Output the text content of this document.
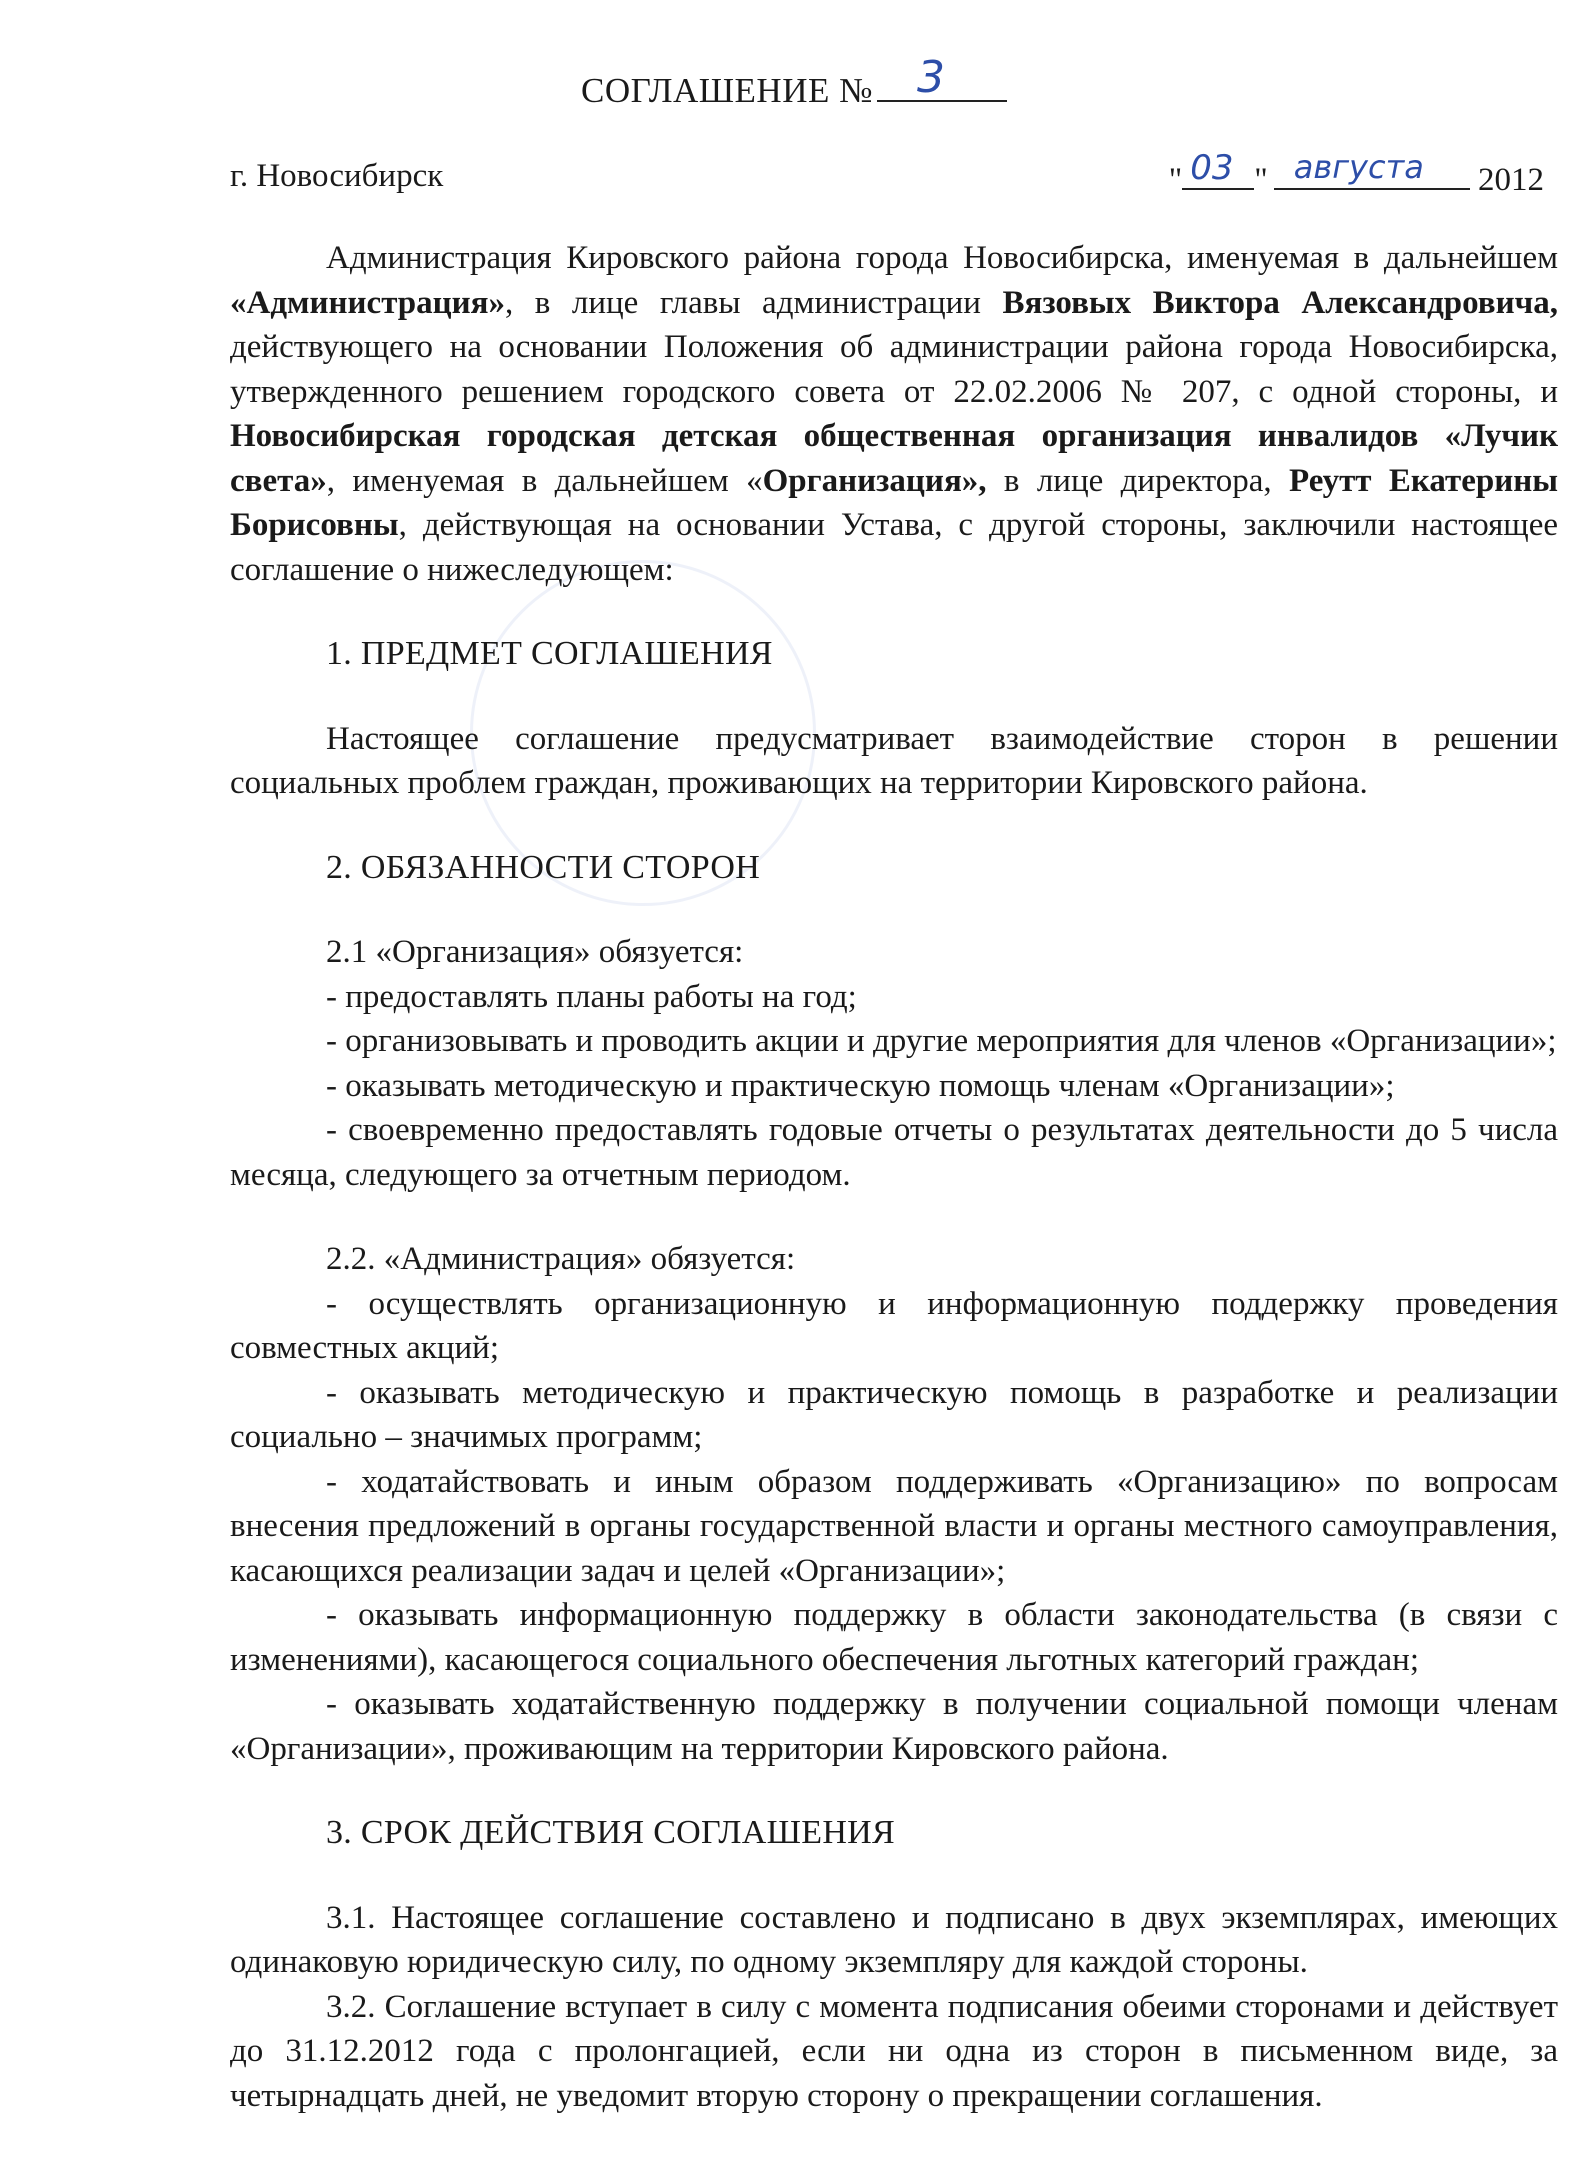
СОГЛАШЕНИЕ № 3
г. Новосибирск	" 03 " августа 2012

Администрация Кировского района города Новосибирска, именуемая в дальнейшем «Администрация», в лице главы администрации Вязовых Виктора Александровича, действующего на основании Положения об администрации района города Новосибирска, утвержденного решением городского совета от 22.02.2006 № 207, с одной стороны, и Новосибирская городская детская общественная организация инвалидов «Лучик света», именуемая в дальнейшем «Организация», в лице директора, Реутт Екатерины Борисовны, действующая на основании Устава, с другой стороны, заключили настоящее соглашение о нижеследующем:

1. ПРЕДМЕТ СОГЛАШЕНИЯ

Настоящее соглашение предусматривает взаимодействие сторон в решении социальных проблем граждан, проживающих на территории Кировского района.

2. ОБЯЗАННОСТИ СТОРОН

2.1 «Организация» обязуется:

- предоставлять планы работы на год;

- организовывать и проводить акции и другие мероприятия для членов «Организации»;

- оказывать методическую и практическую помощь членам «Организации»;

- своевременно предоставлять годовые отчеты о результатах деятельности до 5 числа месяца, следующего за отчетным периодом.

2.2. «Администрация» обязуется:

- осуществлять организационную и информационную поддержку проведения совместных акций;

- оказывать методическую и практическую помощь в разработке и реализации социально – значимых программ;

- ходатайствовать и иным образом поддерживать «Организацию» по вопросам внесения предложений в органы государственной власти и органы местного самоуправления, касающихся реализации задач и целей «Организации»;

- оказывать информационную поддержку в области законодательства (в связи с изменениями), касающегося социального обеспечения льготных категорий граждан;

- оказывать ходатайственную поддержку в получении социальной помощи членам «Организации», проживающим на территории Кировского района.

3. СРОК ДЕЙСТВИЯ СОГЛАШЕНИЯ

3.1. Настоящее соглашение составлено и подписано в двух экземплярах, имеющих одинаковую юридическую силу, по одному экземпляру для каждой стороны.

3.2. Соглашение вступает в силу с момента подписания обеими сторонами и действует до 31.12.2012 года с пролонгацией, если ни одна из сторон в письменном виде, за четырнадцать дней, не уведомит вторую сторону о прекращении соглашения.
